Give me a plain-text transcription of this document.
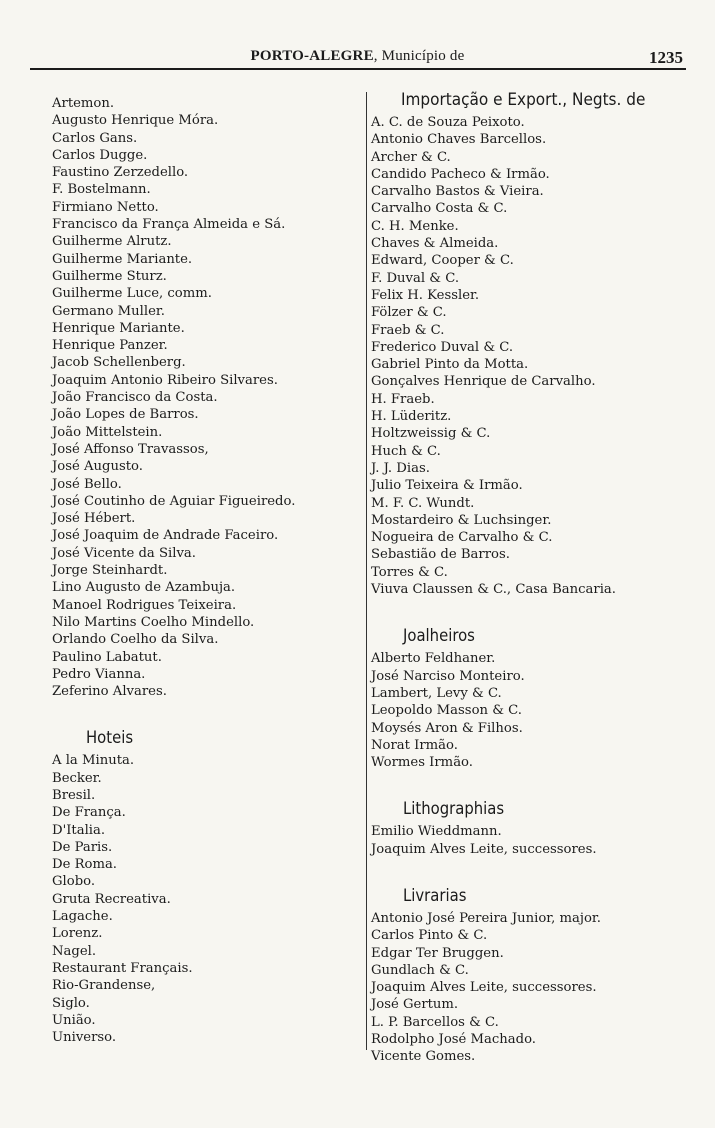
PORTO-ALEGRE, Município de	1235
Artemon.
Augusto Henrique Móra.
Carlos Gans.
Carlos Dugge.
Faustino Zerzedello.
F. Bostelmann.
Firmiano Netto.
Francisco da França Almeida e Sá.
Guilherme Alrutz.
Guilherme Mariante.
Guilherme Sturz.
Guilherme Luce, comm.
Germano Muller.
Henrique Mariante.
Henrique Panzer.
Jacob Schellenberg.
Joaquim Antonio Ribeiro Silvares.
João Francisco da Costa.
João Lopes de Barros.
João Mittelstein.
José Affonso Travassos,
José Augusto.
José Bello.
José Coutinho de Aguiar Figueiredo.
José Hébert.
José Joaquim de Andrade Faceiro.
José Vicente da Silva.
Jorge Steinhardt.
Lino Augusto de Azambuja.
Manoel Rodrigues Teixeira.
Nilo Martins Coelho Mindello.
Orlando Coelho da Silva.
Paulino Labatut.
Pedro Vianna.
Zeferino Alvares.
Hoteis
A la Minuta.
Becker.
Bresil.
De França.
D'Italia.
De Paris.
De Roma.
Globo.
Gruta Recreativa.
Lagache.
Lorenz.
Nagel.
Restaurant Français.
Rio-Grandense,
Siglo.
União.
Universo.
Importação e Export., Negts. de
A. C. de Souza Peixoto.
Antonio Chaves Barcellos.
Archer & C.
Candido Pacheco & Irmão.
Carvalho Bastos & Vieira.
Carvalho Costa & C.
C. H. Menke.
Chaves & Almeida.
Edward, Cooper & C.
F. Duval & C.
Felix H. Kessler.
Fölzer & C.
Fraeb & C.
Frederico Duval & C.
Gabriel Pinto da Motta.
Gonçalves Henrique de Carvalho.
H. Fraeb.
H. Lüderitz.
Holtzweissig & C.
Huch & C.
J. J. Dias.
Julio Teixeira & Irmão.
M. F. C. Wundt.
Mostardeiro & Luchsinger.
Nogueira de Carvalho & C.
Sebastião de Barros.
Torres & C.
Viuva Claussen & C., Casa Bancaria.
Joalheiros
Alberto Feldhaner.
José Narciso Monteiro.
Lambert, Levy & C.
Leopoldo Masson & C.
Moysés Aron & Filhos.
Norat Irmão.
Wormes Irmão.
Lithographias
Emilio Wieddmann.
Joaquim Alves Leite, successores.
Livrarias
Antonio José Pereira Junior, major.
Carlos Pinto & C.
Edgar Ter Bruggen.
Gundlach & C.
Joaquim Alves Leite, successores.
José Gertum.
L. P. Barcellos & C.
Rodolpho José Machado.
Vicente Gomes.
